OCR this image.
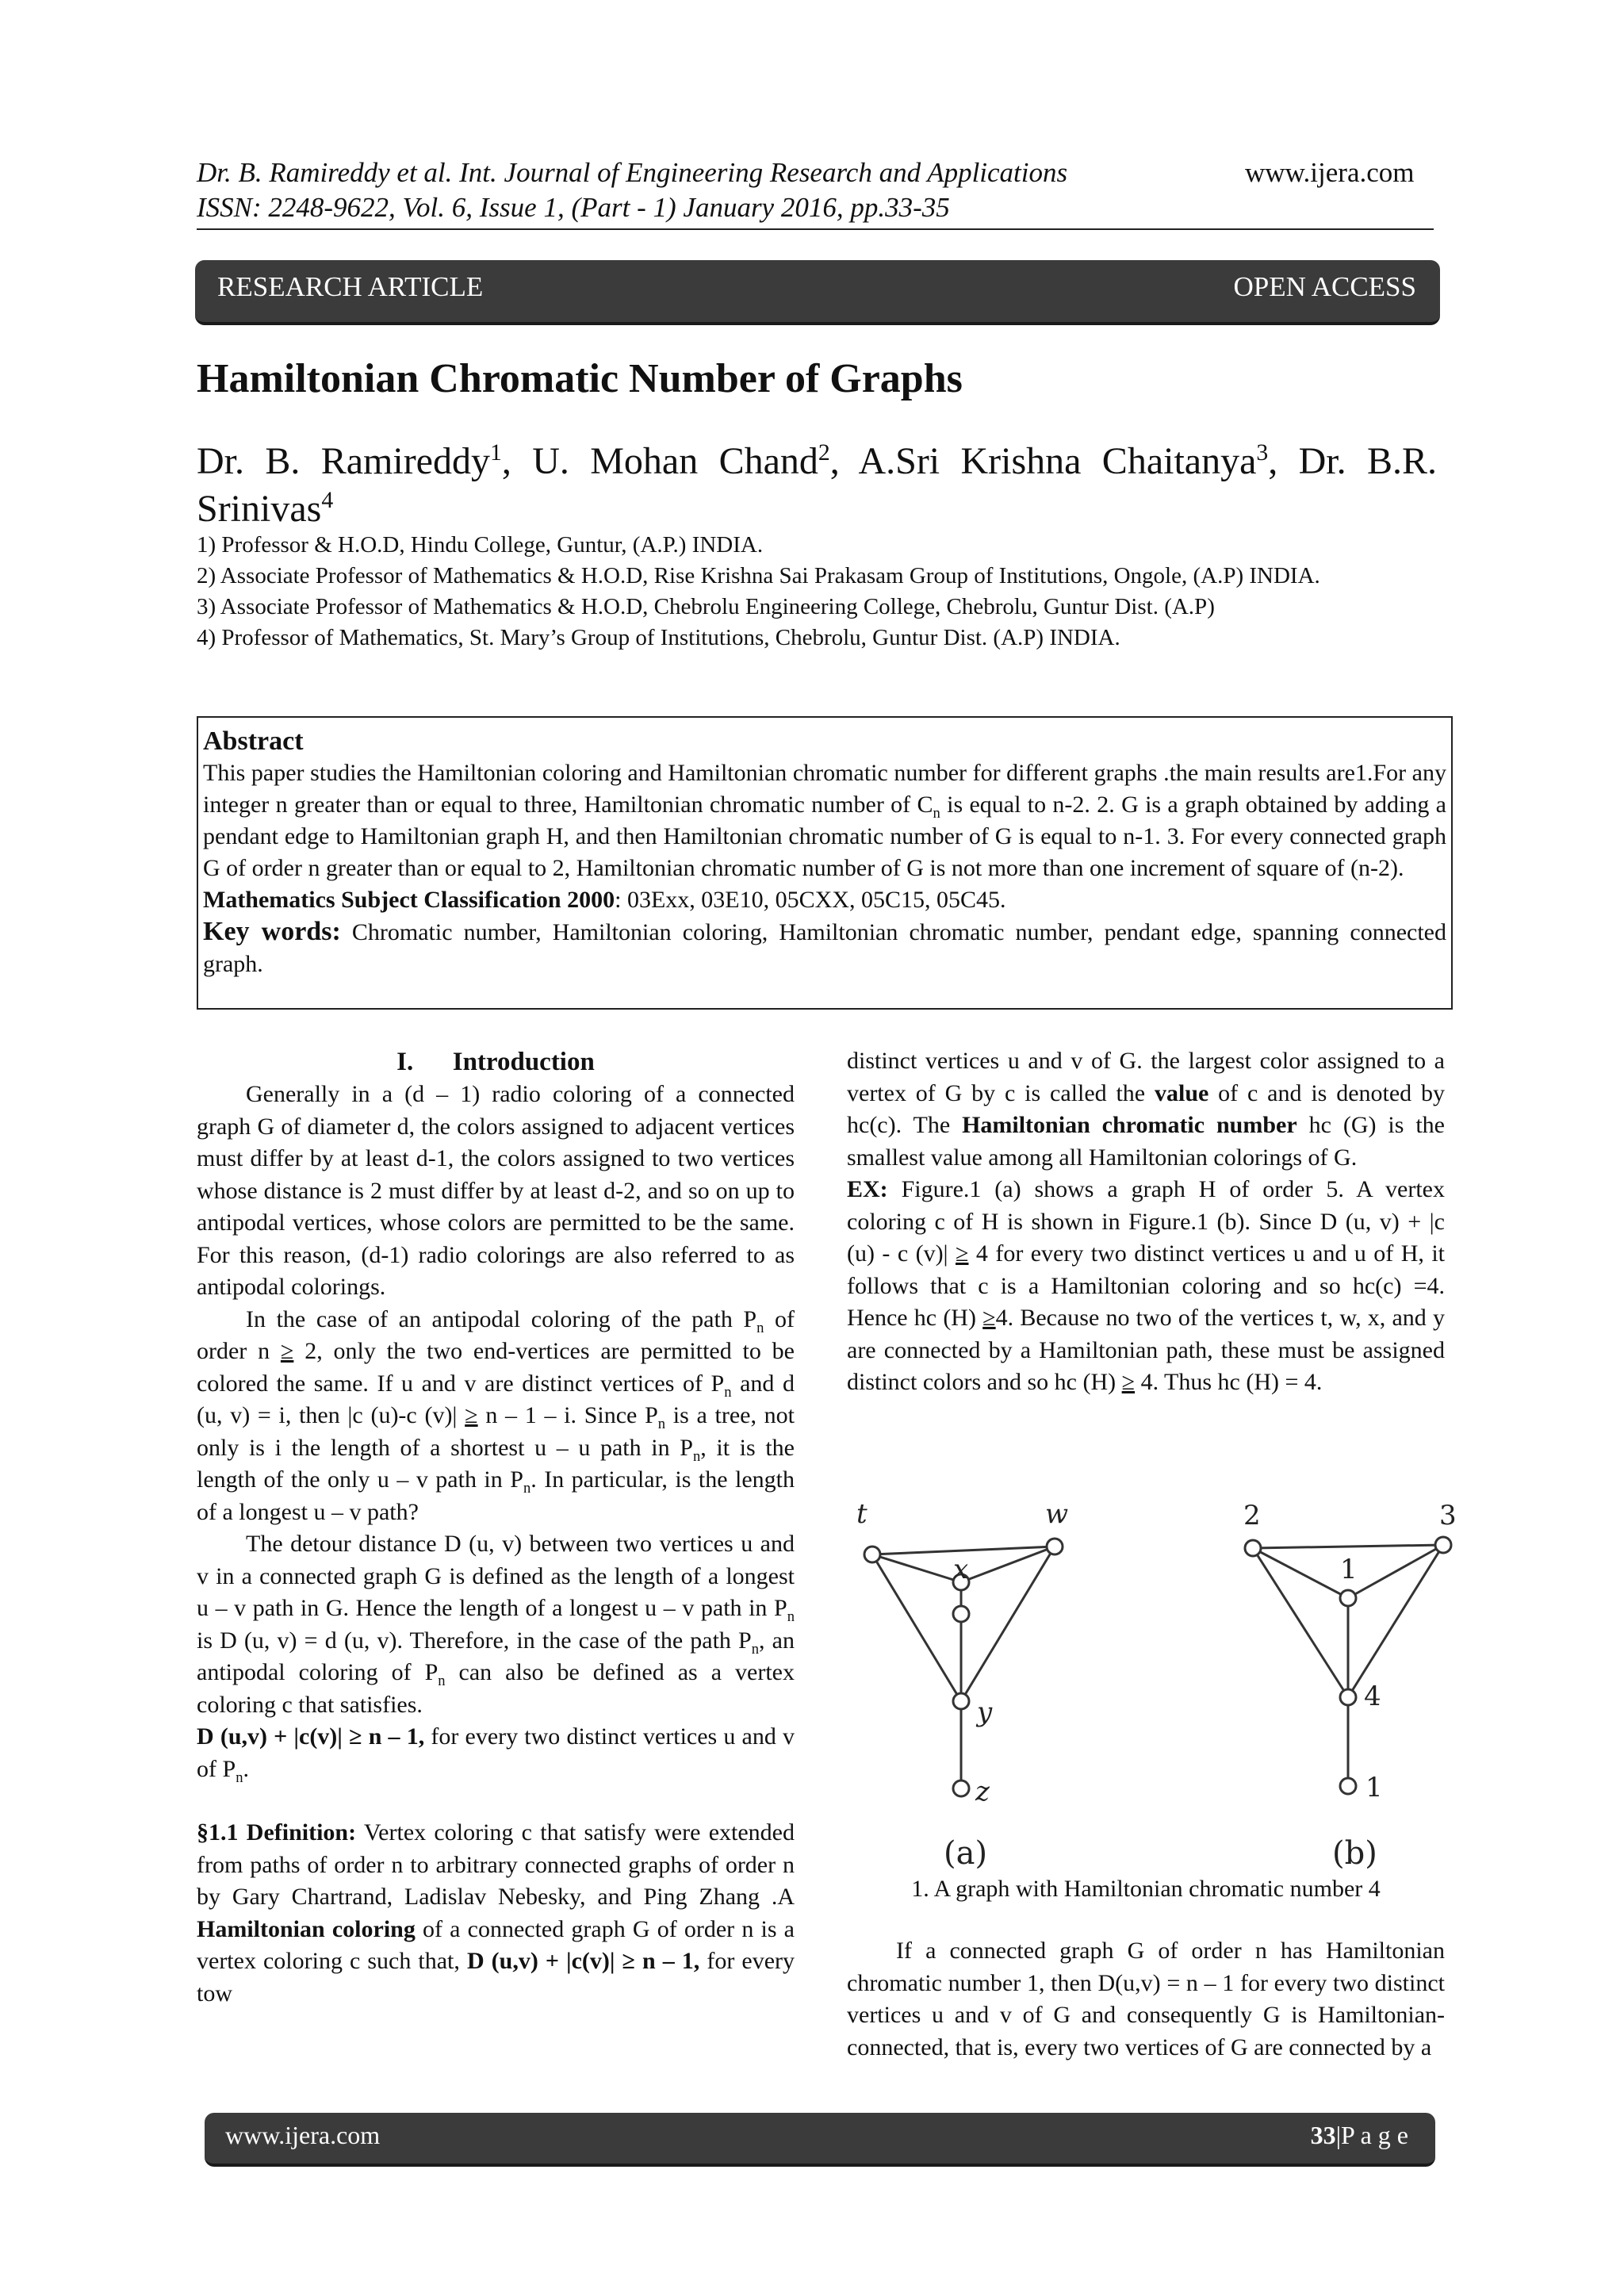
Dr. B. Ramireddy et al. Int. Journal of Engineering Research and Applications
ISSN: 2248-9622, Vol. 6, Issue 1, (Part - 1) January 2016, pp.33-35
www.ijera.com
RESEARCH ARTICLE	OPEN ACCESS
Hamiltonian Chromatic Number of Graphs
Dr. B. Ramireddy$^1$, U. Mohan Chand$^2$, A.Sri Krishna Chaitanya$^3$, Dr. B.R.
Srinivas$^4$
1) Professor & H.O.D, Hindu College, Guntur, (A.P.) INDIA.
2) Associate Professor of Mathematics & H.O.D, Rise Krishna Sai Prakasam Group of Institutions, Ongole, (A.P) INDIA.
3) Associate Professor of Mathematics & H.O.D, Chebrolu Engineering College, Chebrolu, Guntur Dist. (A.P)
4) Professor of Mathematics, St. Mary’s Group of Institutions, Chebrolu, Guntur Dist. (A.P) INDIA.
Abstract

This paper studies the Hamiltonian coloring and Hamiltonian chromatic number for different graphs .the main results are1.For any integer n greater than or equal to three, Hamiltonian chromatic number of $C_n$ is equal to n-2. 2. G is a graph obtained by adding a pendant edge to Hamiltonian graph H, and then Hamiltonian chromatic number of G is equal to n-1. 3. For every connected graph G of order n greater than or equal to 2, Hamiltonian chromatic number of G is not more than one increment of square of (n-2).

Mathematics Subject Classification 2000: 03Exx, 03E10, 05CXX, 05C15, 05C45.

Key words: Chromatic number, Hamiltonian coloring, Hamiltonian chromatic number, pendant edge, spanning connected graph.

I.      Introduction

Generally in a (d – 1) radio coloring of a connected graph G of diameter d, the colors assigned to adjacent vertices must differ by at least d-1, the colors assigned to two vertices whose distance is 2 must differ by at least d-2, and so on up to antipodal vertices, whose colors are permitted to be the same. For this reason, (d-1) radio colorings are also referred to as antipodal colorings.

In the case of an antipodal coloring of the path $P_n$ of order n ≥ 2, only the two end-vertices are permitted to be colored the same. If u and v are distinct vertices of $P_n$ and d (u, v) = i, then |c (u)-c (v)| ≥ n – 1 – i. Since $P_n$ is a tree, not only is i the length of a shortest u – u path in $P_n$, it is the length of the only u – v path in $P_n$. In particular, is the length of a longest u – v path?

The detour distance D (u, v) between two vertices u and v in a connected graph G is defined as the length of a longest u – v path in G. Hence the length of a longest u – v path in $P_n$ is D (u, v) = d (u, v). Therefore, in the case of the path $P_n$, an antipodal coloring of $P_n$ can also be defined as a vertex coloring c that satisfies.

D (u,v) + |c(v)| ≥ n – 1, for every two distinct vertices u and v of $P_n$.

§1.1 Definition: Vertex coloring c that satisfy were extended from paths of order n to arbitrary connected graphs of order n by Gary Chartrand, Ladislav Nebesky, and Ping Zhang .A Hamiltonian coloring of a connected graph G of order n is a vertex coloring c such that, D (u,v) + |c(v)| ≥ n – 1, for every tow

distinct vertices u and v of G. the largest color assigned to a vertex of G by c is called the value of c and is denoted by hc(c). The Hamiltonian chromatic number hc (G) is the smallest value among all Hamiltonian colorings of G.

EX: Figure.1 (a) shows a graph H of order 5. A vertex coloring c of H is shown in Figure.1 (b). Since D (u, v) + |c (u) - c (v)| ≥ 4 for every two distinct vertices u and u of H, it follows that c is a Hamiltonian coloring and so hc(c) =4. Hence hc (H) ≥4. Because no two of the vertices t, w, x, and y are connected by a Hamiltonian path, these must be assigned distinct colors and so hc (H) ≥ 4. Thus hc (H) = 4.

t	w
x
y
z
(a)
2	3
1
4
1
(b)
1. A graph with Hamiltonian chromatic number 4

If a connected graph G of order n has Hamiltonian chromatic number 1, then D(u,v) = n – 1 for every two distinct vertices u and v of G and consequently G is Hamiltonian-connected, that is, every two vertices of G are connected by a

www.ijera.com	33|P a g e
